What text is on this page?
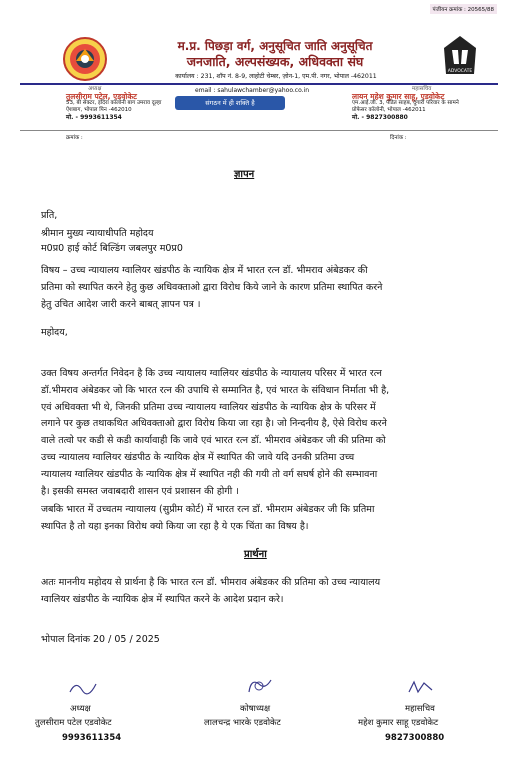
पंजीयन क्रमांक : 20565/88
म.प्र. पिछड़ा वर्ग, अनुसूचित जाति अनुसूचित
जनजाति, अल्पसंख्यक, अधिवक्ता संघ
ADVOCATE
कार्यालय : 231, शॉप नं. 8-9, लाहोटी चेम्बर, ज़ोन-1, एम.पी. नगर, भोपाल -462011
अध्यक्ष
तुलसीराम पटेल, एडवोकेट
53, बी सेक्टर, इंदिरा कॉलोनी बाग उमराव दूल्हा
ऐशबाग, भोपाल पिन -462010
मो. - 9993611354
email : sahulawchamber@yahoo.co.in
संगठन में ही शक्ति है
महासचिव
लायन महेश कुमार साहू, एडवोकेट
एम.आई.जी. 3, पंडित साहब, दुगारी परिवार के सामने
प्रोफेसर कॉलोनी, भोपाल -462011
मो. - 9827300880
क्रमांक :	दिनांक :
ज्ञापन
प्रति,
श्रीमान मुख्य न्यायाधीपति महोदय
म0प्र0 हाई कोर्ट बिल्डिंग जबलपुर म0प्र0
विषय – उच्च न्यायालय ग्वालियर खंडपीठ के न्यायिक क्षेत्र में भारत रत्न डॉ. भीमराव अंबेडकर की
प्रतिमा को स्थापित करने हेतु कुछ अधिवक्ताओ द्वारा विरोध किये जाने के कारण प्रतिमा स्थापित करने
हेतु उचित आदेश जारी करने बाबत् ज्ञापन पत्र ।
महोदय,
उक्त विषय अन्तर्गत निवेदन है कि उच्च न्यायालय ग्वालियर खंडपीठ के न्यायालय परिसर में भारत रत्न
डॉ.भीमराव अंबेडकर जो कि भारत रत्न की उपाधि से सम्मानित है, एवं भारत के संविधान निर्माता भी है,
एवं अधिवक्ता भी थे, जिनकी प्रतिमा उच्च न्यायालय ग्वालियर खंडपीठ के न्यायिक क्षेत्र के परिसर में
लगाने पर कुछ तथाकथित अधिवक्ताओ द्वारा विरोध किया जा रहा है। जो निन्दनीय है, ऐसे विरोध करने
वाले तत्वो पर कडी से कडी कार्यावाही कि जावे एवं भारत रत्न डॉ. भीमराव अंबेडकर जी की प्रतिमा को
उच्च न्यायालय ग्वालियर खंडपीठ के न्यायिक क्षेत्र में स्थापित की जावे यदि उनकी प्रतिमा उच्च
न्यायालय ग्वालियर खंडपीठ के न्यायिक क्षेत्र में स्थापित नही की गयी तो वर्ग सघर्ष होने की सम्भावना
है। इसकी समस्त जवाबदारी शासन एवं प्रशासन की होगी ।
जबकि भारत में उच्चतम न्यायालय (सुप्रीम कोर्ट) में भारत रत्न डॉ. भीमराम अंबेडकर जी कि प्रतिमा
स्थापित है तो यहा इनका विरोध क्यो किया जा रहा है ये एक चिंता का विषय है।
प्रार्थना
अतः माननीय महोदय से प्रार्थना है कि भारत रत्न डॉ. भीमराव अंबेडकर की प्रतिमा को उच्च न्यायालय
ग्वालियर खंडपीठ के न्यायिक क्षेत्र में स्थापित करने के आदेश प्रदान करे।
भोपाल दिनांक 20 / 05 / 2025
अध्यक्ष
तुलसीराम पटेल एडवोकेट
9993611354
कोषाध्यक्ष
लालचन्द्र भारके एडवोकेट
महासचिव
महेश कुमार साहू एडवोकेट
9827300880
